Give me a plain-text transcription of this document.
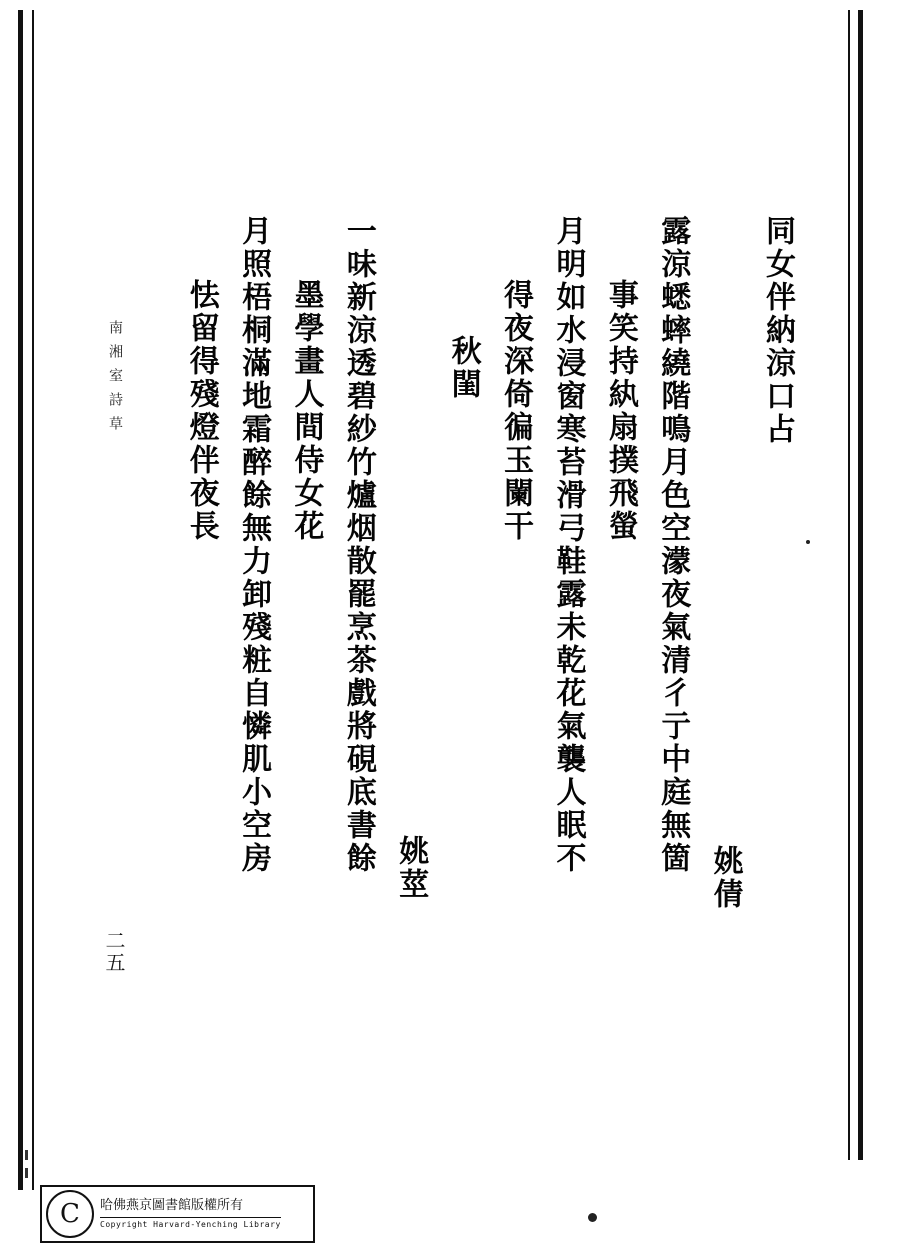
南湘室詩草
二五
同女伴納涼口占
姚倩
露涼蟋蟀繞階鳴月色空濛夜氣清彳亍中庭無箇
事笑持紈扇撲飛螢
月明如水浸窗寒苔滑弓鞋露未乾花氣襲人眠不
得夜深倚徧玉闌干
秋閨
姚莖
一味新涼透碧紗竹爐烟散罷烹茶戲將硯底書餘
墨學畫人間侍女花
月照梧桐滿地霜醉餘無力卸殘粧自憐肌小空房
怯留得殘燈伴夜長
C	哈佛燕京圖書館版權所有
Copyright Harvard-Yenching Library
